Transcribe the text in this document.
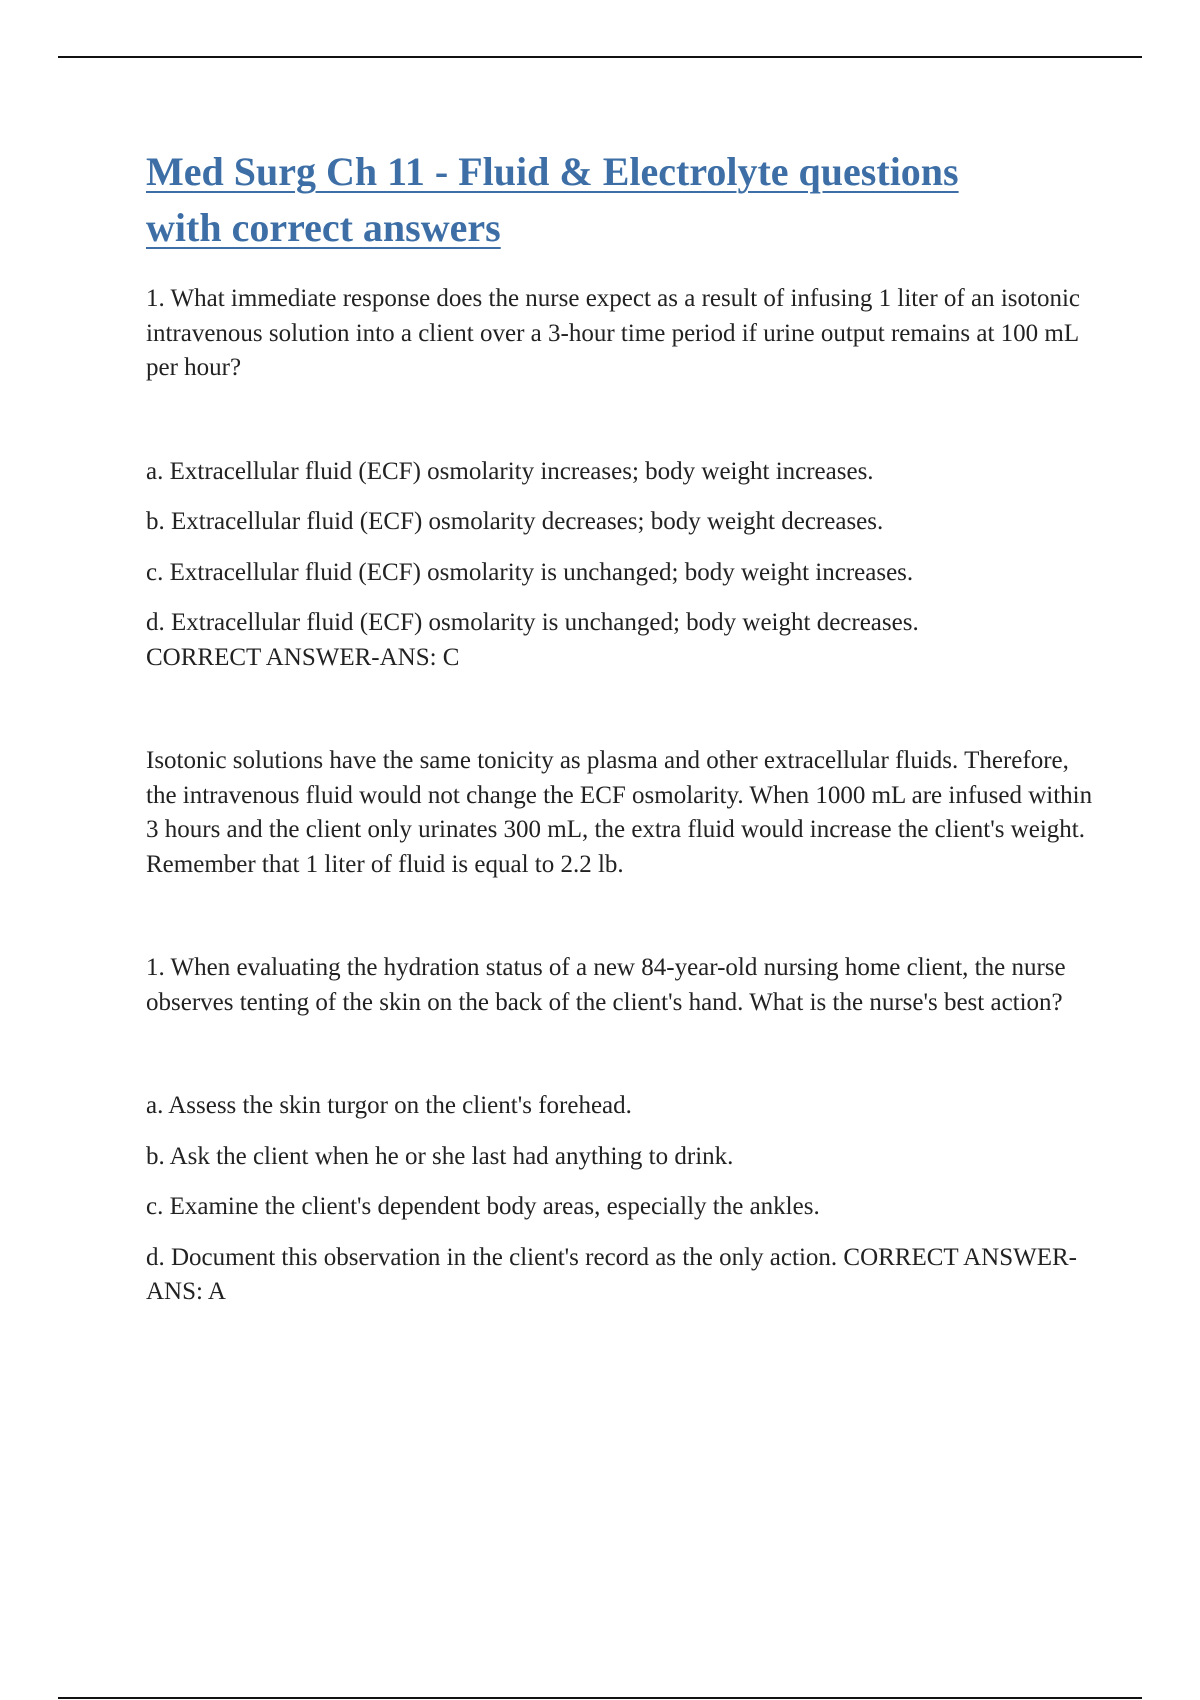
Med Surg Ch 11 - Fluid & Electrolyte questions
with correct answers

1. What immediate response does the nurse expect as a result of infusing 1 liter of an isotonic intravenous solution into a client over a 3-hour time period if urine output remains at 100 mL per hour?

a. Extracellular fluid (ECF) osmolarity increases; body weight increases.

b. Extracellular fluid (ECF) osmolarity decreases; body weight decreases.

c. Extracellular fluid (ECF) osmolarity is unchanged; body weight increases.

d. Extracellular fluid (ECF) osmolarity is unchanged; body weight decreases.

CORRECT ANSWER-ANS: C

Isotonic solutions have the same tonicity as plasma and other extracellular fluids. Therefore, the intravenous fluid would not change the ECF osmolarity. When 1000 mL are infused within 3 hours and the client only urinates 300 mL, the extra fluid would increase the client's weight. Remember that 1 liter of fluid is equal to 2.2 lb.

1. When evaluating the hydration status of a new 84-year-old nursing home client, the nurse observes tenting of the skin on the back of the client's hand. What is the nurse's best action?

a. Assess the skin turgor on the client's forehead.

b. Ask the client when he or she last had anything to drink.

c. Examine the client's dependent body areas, especially the ankles.

d. Document this observation in the client's record as the only action. CORRECT ANSWER-ANS: A
